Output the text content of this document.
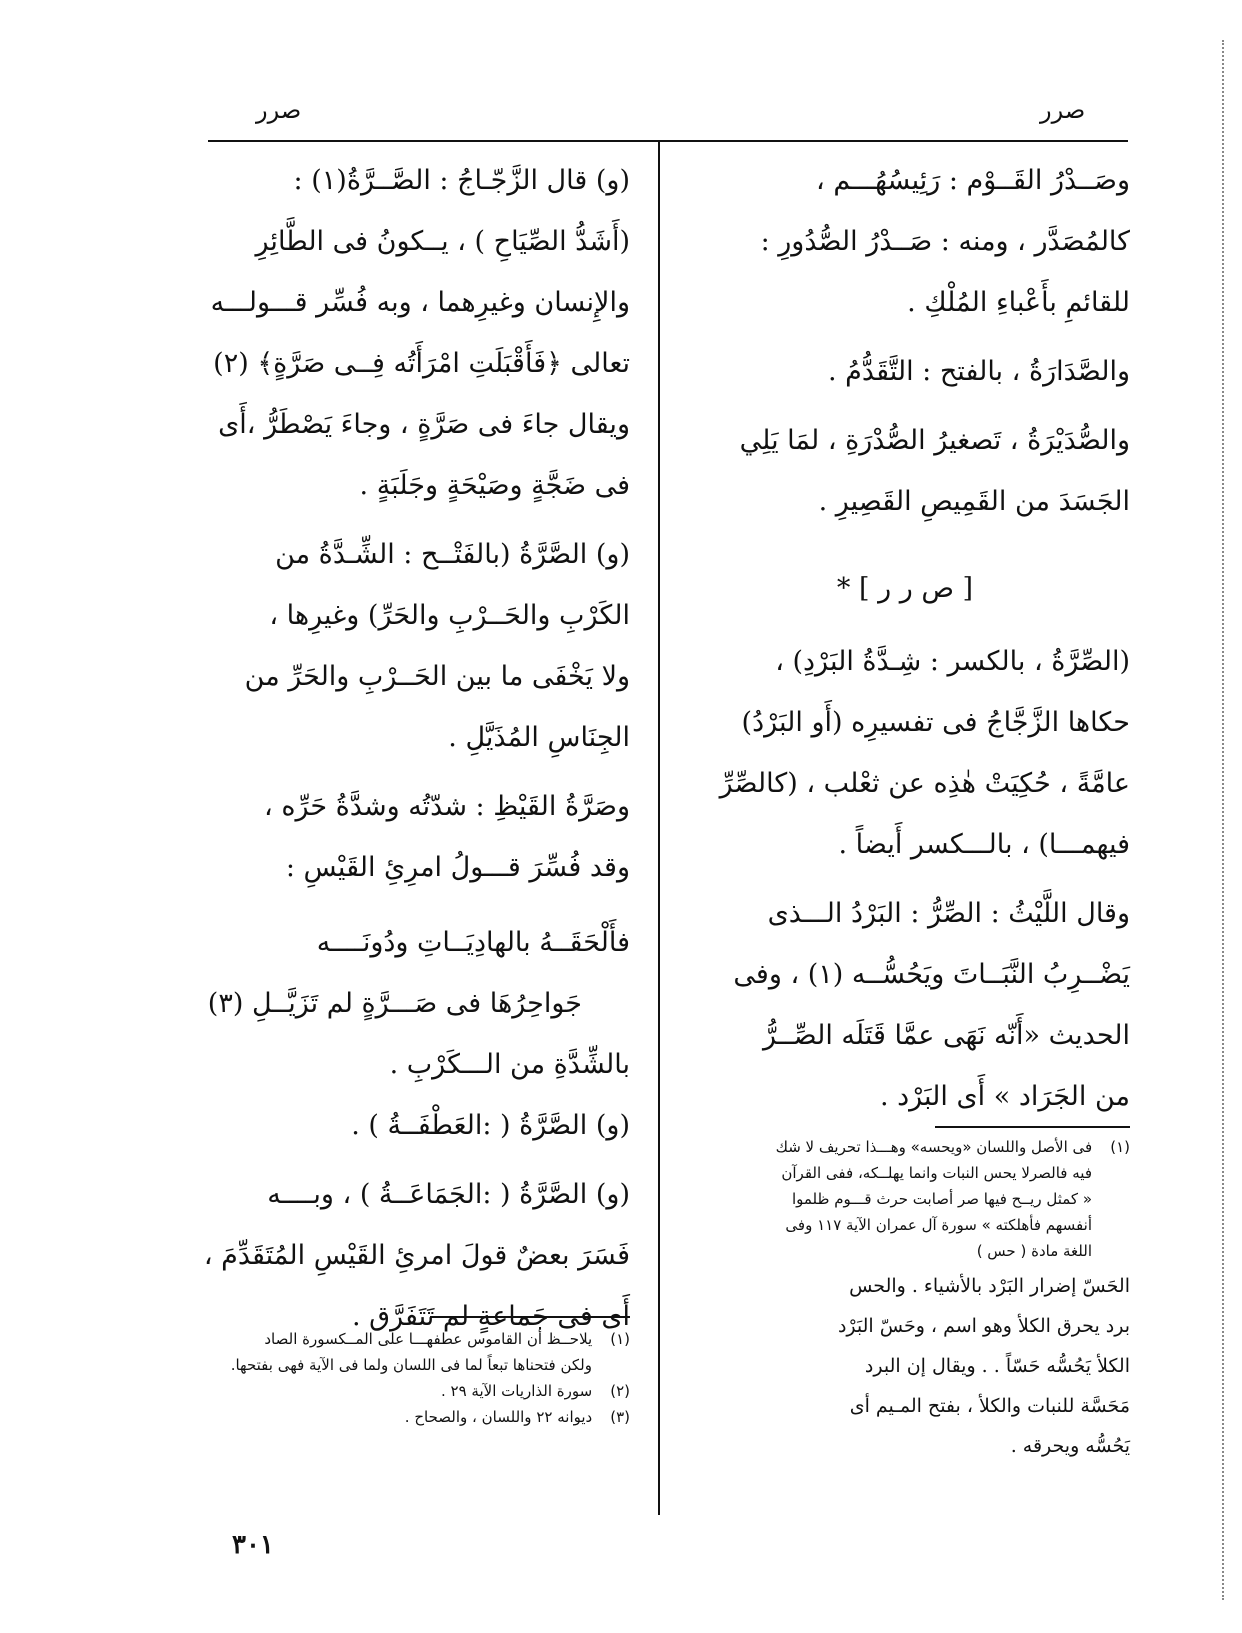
صرر
صرر

وصَــدْرُ القَــوْم : رَئِيسُهُـــم ،

كالمُصَدَّر ، ومنه : صَــدْرُ الصُّدُورِ :

للقائمِ بأَعْباءِ المُلْكِ .

والصَّدَارَةُ ، بالفتح : التَّقَدُّمُ .

والصُّدَيْرَةُ ، تَصغيرُ الصُّدْرَةِ ، لمَا يَلِي

الجَسَدَ من القَمِيصِ القَصِيرِ .

[ ص ر ر ] *

(الصِّرَّةُ ، بالكسر : شِـدَّةُ البَرْدِ) ،

حكاها الزَّجَّاجُ فى تفسيرِه (أَو البَرْدُ)

عامَّةً ، حُكِيَتْ هٰذِه عن ثعْلب ، (كالصِّرِّ

فيهمـــا) ، بالـــكسر أَيضاً .

وقال اللَّيْثُ : الصِّرُّ : البَرْدُ الـــذى

يَضْــرِبُ النَّبَــاتَ ويَحُسُّــه (١) ، وفى

الحديث «أَنّه نَهَى عمَّا قَتَلَه الصِّــرُّ

من الجَرَاد » أَى البَرْد .

(١)فى الأصل واللسان «ويحسه» وهـــذا تحريف لا شك

فيه فالصرلا يحس النبات وانما يهلــكه، ففى القرآن

« كمثل ريــح فيها صر أصابت حرث قـــوم ظلموا

أنفسهم فأهلكته » سورة آل عمران الآية ١١٧ وفى

اللغة مادة ( حس )

الحَسّ إضرار البَرْد بالأشياء . والحس

برد يحرق الكلأ وهو اسم ، وحَسّ البَرْد

الكلأ يَحُسُّه حَسّاً . . ويقال إن البرد

مَحَسَّة للنبات والكلأ ، بفتح المـيم أى

يَحُسُّه ويحرقه .

(و) قال الزَّجّـاجُ : الصَّــرَّةُ(١) :

(أَشَدُّ الصِّيَاحِ ) ، يــكونُ فى الطَّائِرِ

والإِنسان وغيرِهما ، وبه فُسِّر قـــولـــه

تعالى ﴿فَأَقْبَلَتِ امْرَأَتُه فِــى صَرَّةٍ﴾ (٢)

ويقال جاءَ فى صَرَّةٍ ، وجاءَ يَصْطَرُّ ،أَى

فى ضَجَّةٍ وصَيْحَةٍ وجَلَبَةٍ .

(و) الصَّرَّةُ (بالفَتْــح : الشِّـدَّةُ من

الكَرْبِ والحَــرْبِ والحَرِّ) وغيرِها ،

ولا يَخْفَى ما بين الحَــرْبِ والحَرِّ من

الجِنَاسِ المُذَيَّلِ .

وصَرَّةُ القَيْظِ : شدّتُه وشدَّةُ حَرِّه ،

وقد فُسِّرَ قـــولُ امرِئِ القَيْسِ :

فأَلْحَقَــهُ بالهادِيَــاتِ ودُونَــــه
جَواحِرُهَا فى صَـــرَّةٍ لم تَزَيَّــلِ (٣)

بالشِّدَّةِ من الـــكَرْبِ .

(و) الصَّرَّةُ ( :العَطْفَــةُ ) .

(و) الصَّرَّةُ ( :الجَمَاعَــةُ ) ، وبــــه

فَسَرَ بعضٌ قولَ امرئِ القَيْسِ المُتَقَدِّمَ ،

أَى فى جَماعةٍ لم تَتَفَرَّق .

(١)يلاحــظ أن القاموس عطفهـــا على المــكسورة الصاد

ولكن فتحناها تبعاً لما فى اللسان ولما فى الآية فهى بفتحها.

(٢)سورة الذاريات الآية ٢٩ .

(٣)ديوانه ٢٢ واللسان ، والصحاح .

٣٠١
